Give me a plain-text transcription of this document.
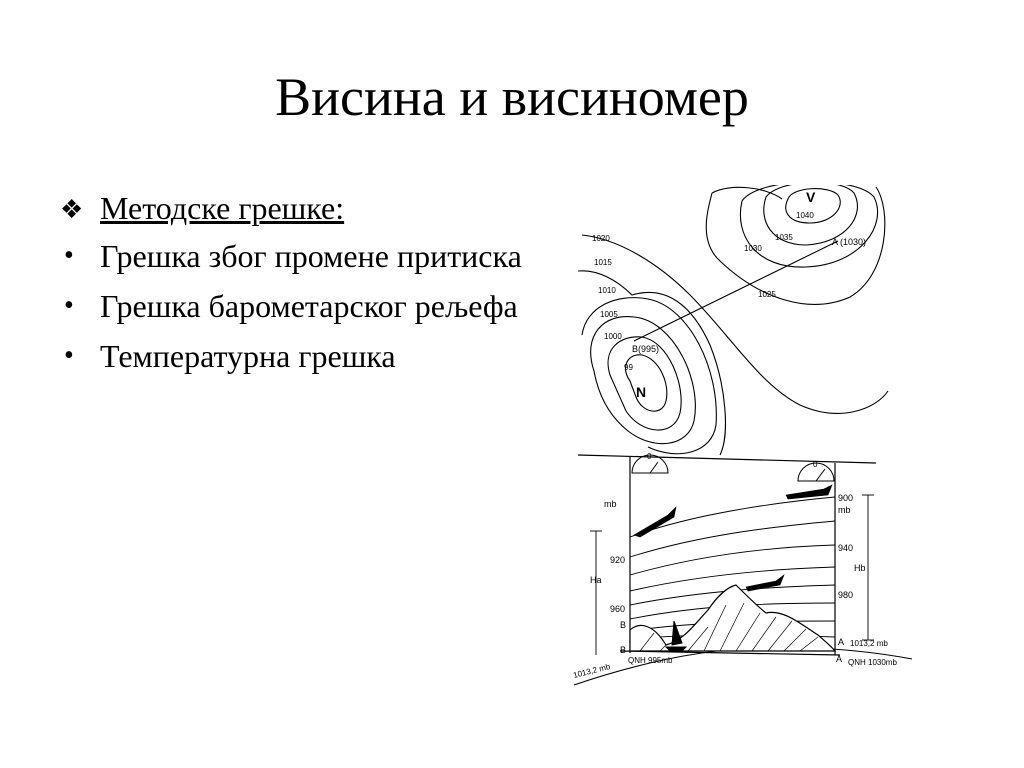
Висина и висиномер
❖ Методске грешке:
• Грешка због промене притиска
• Грешка барометарског рељефа
• Температурна грешка
V
1040
1035
1030
1025
1020
1015
1010
1005
1000
99
N
A (1030)
B(995)
0
0
mb
mb
900
940
980
920
960
Ha
Hb
B
B
A
A
QNH 995mb	QNH 1030mb
1013,2 mb
1013,2 mb
